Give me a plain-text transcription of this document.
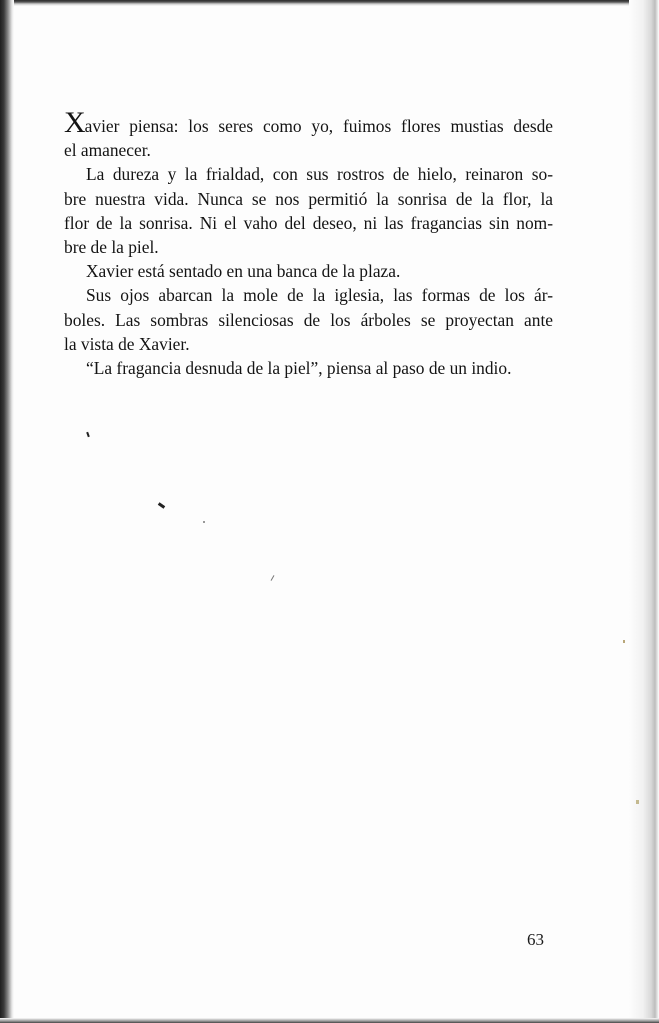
Xavier piensa: los seres como yo, fuimos flores mustias desde
el amanecer.

La dureza y la frialdad, con sus rostros de hielo, reinaron so-
bre nuestra vida. Nunca se nos permitió la sonrisa de la flor, la
flor de la sonrisa. Ni el vaho del deseo, ni las fragancias sin nom-
bre de la piel.

Xavier está sentado en una banca de la plaza.

Sus ojos abarcan la mole de la iglesia, las formas de los ár-
boles. Las sombras silenciosas de los árboles se proyectan ante
la vista de Xavier.

“La fragancia desnuda de la piel”, piensa al paso de un indio.

63
